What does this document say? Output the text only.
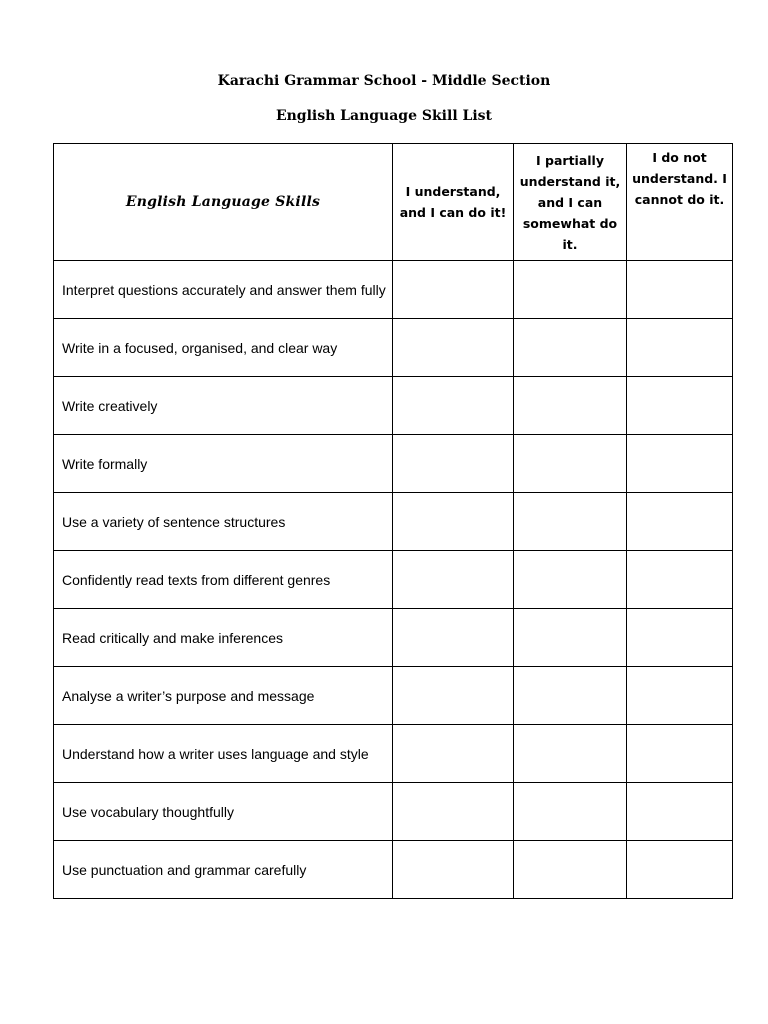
Karachi Grammar School - Middle Section
English Language Skill List
English Language Skills	I understand, and I can do it!	I partially understand it, and I can somewhat do it.	I do not understand. I cannot do it.
Interpret questions accurately and answer them fully			
Write in a focused, organised, and clear way			
Write creatively			
Write formally			
Use a variety of sentence structures			
Confidently read texts from different genres			
Read critically and make inferences			
Analyse a writer’s purpose and message			
Understand how a writer uses language and style			
Use vocabulary thoughtfully			
Use punctuation and grammar carefully			
